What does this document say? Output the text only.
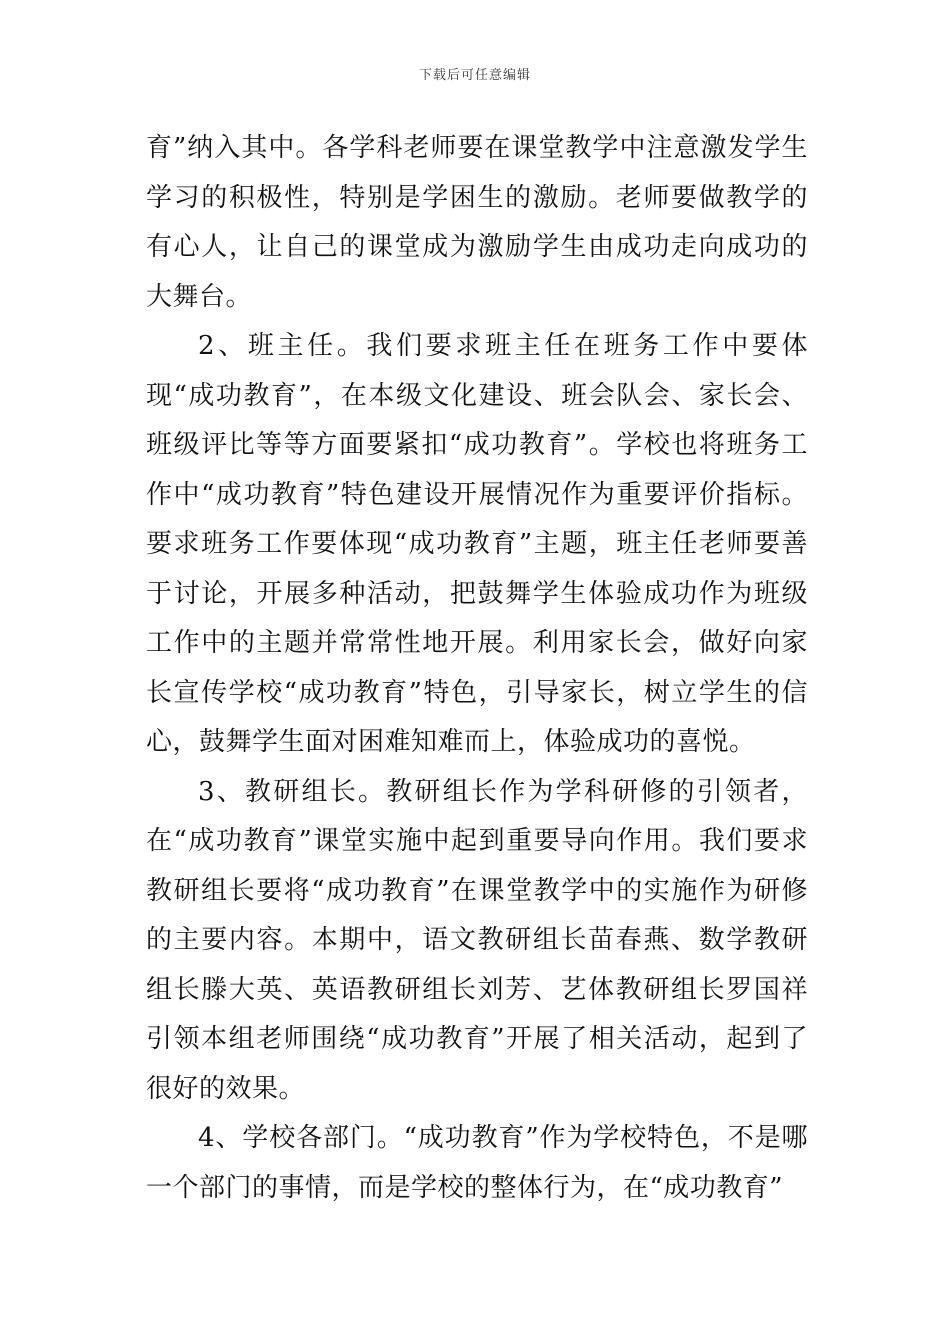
下载后可任意编辑

育”纳入其中。各学科老师要在课堂教学中注意激发学生学习的积极性，特别是学困生的激励。老师要做教学的有心人，让自己的课堂成为激励学生由成功走向成功的大舞台。

2、班主任。我们要求班主任在班务工作中要体现“成功教育”，在本级文化建设、班会队会、家长会、班级评比等等方面要紧扣“成功教育”。学校也将班务工作中“成功教育”特色建设开展情况作为重要评价指标。要求班务工作要体现“成功教育”主题，班主任老师要善于讨论，开展多种活动，把鼓舞学生体验成功作为班级工作中的主题并常常性地开展。利用家长会，做好向家长宣传学校“成功教育”特色，引导家长，树立学生的信心，鼓舞学生面对困难知难而上，体验成功的喜悦。

3、教研组长。教研组长作为学科研修的引领者，在“成功教育”课堂实施中起到重要导向作用。我们要求教研组长要将“成功教育”在课堂教学中的实施作为研修的主要内容。本期中，语文教研组长苗春燕、数学教研组长滕大英、英语教研组长刘芳、艺体教研组长罗国祥引领本组老师围绕“成功教育”开展了相关活动，起到了很好的效果。

4、学校各部门。“成功教育”作为学校特色，不是哪一个部门的事情，而是学校的整体行为，在“成功教育”
